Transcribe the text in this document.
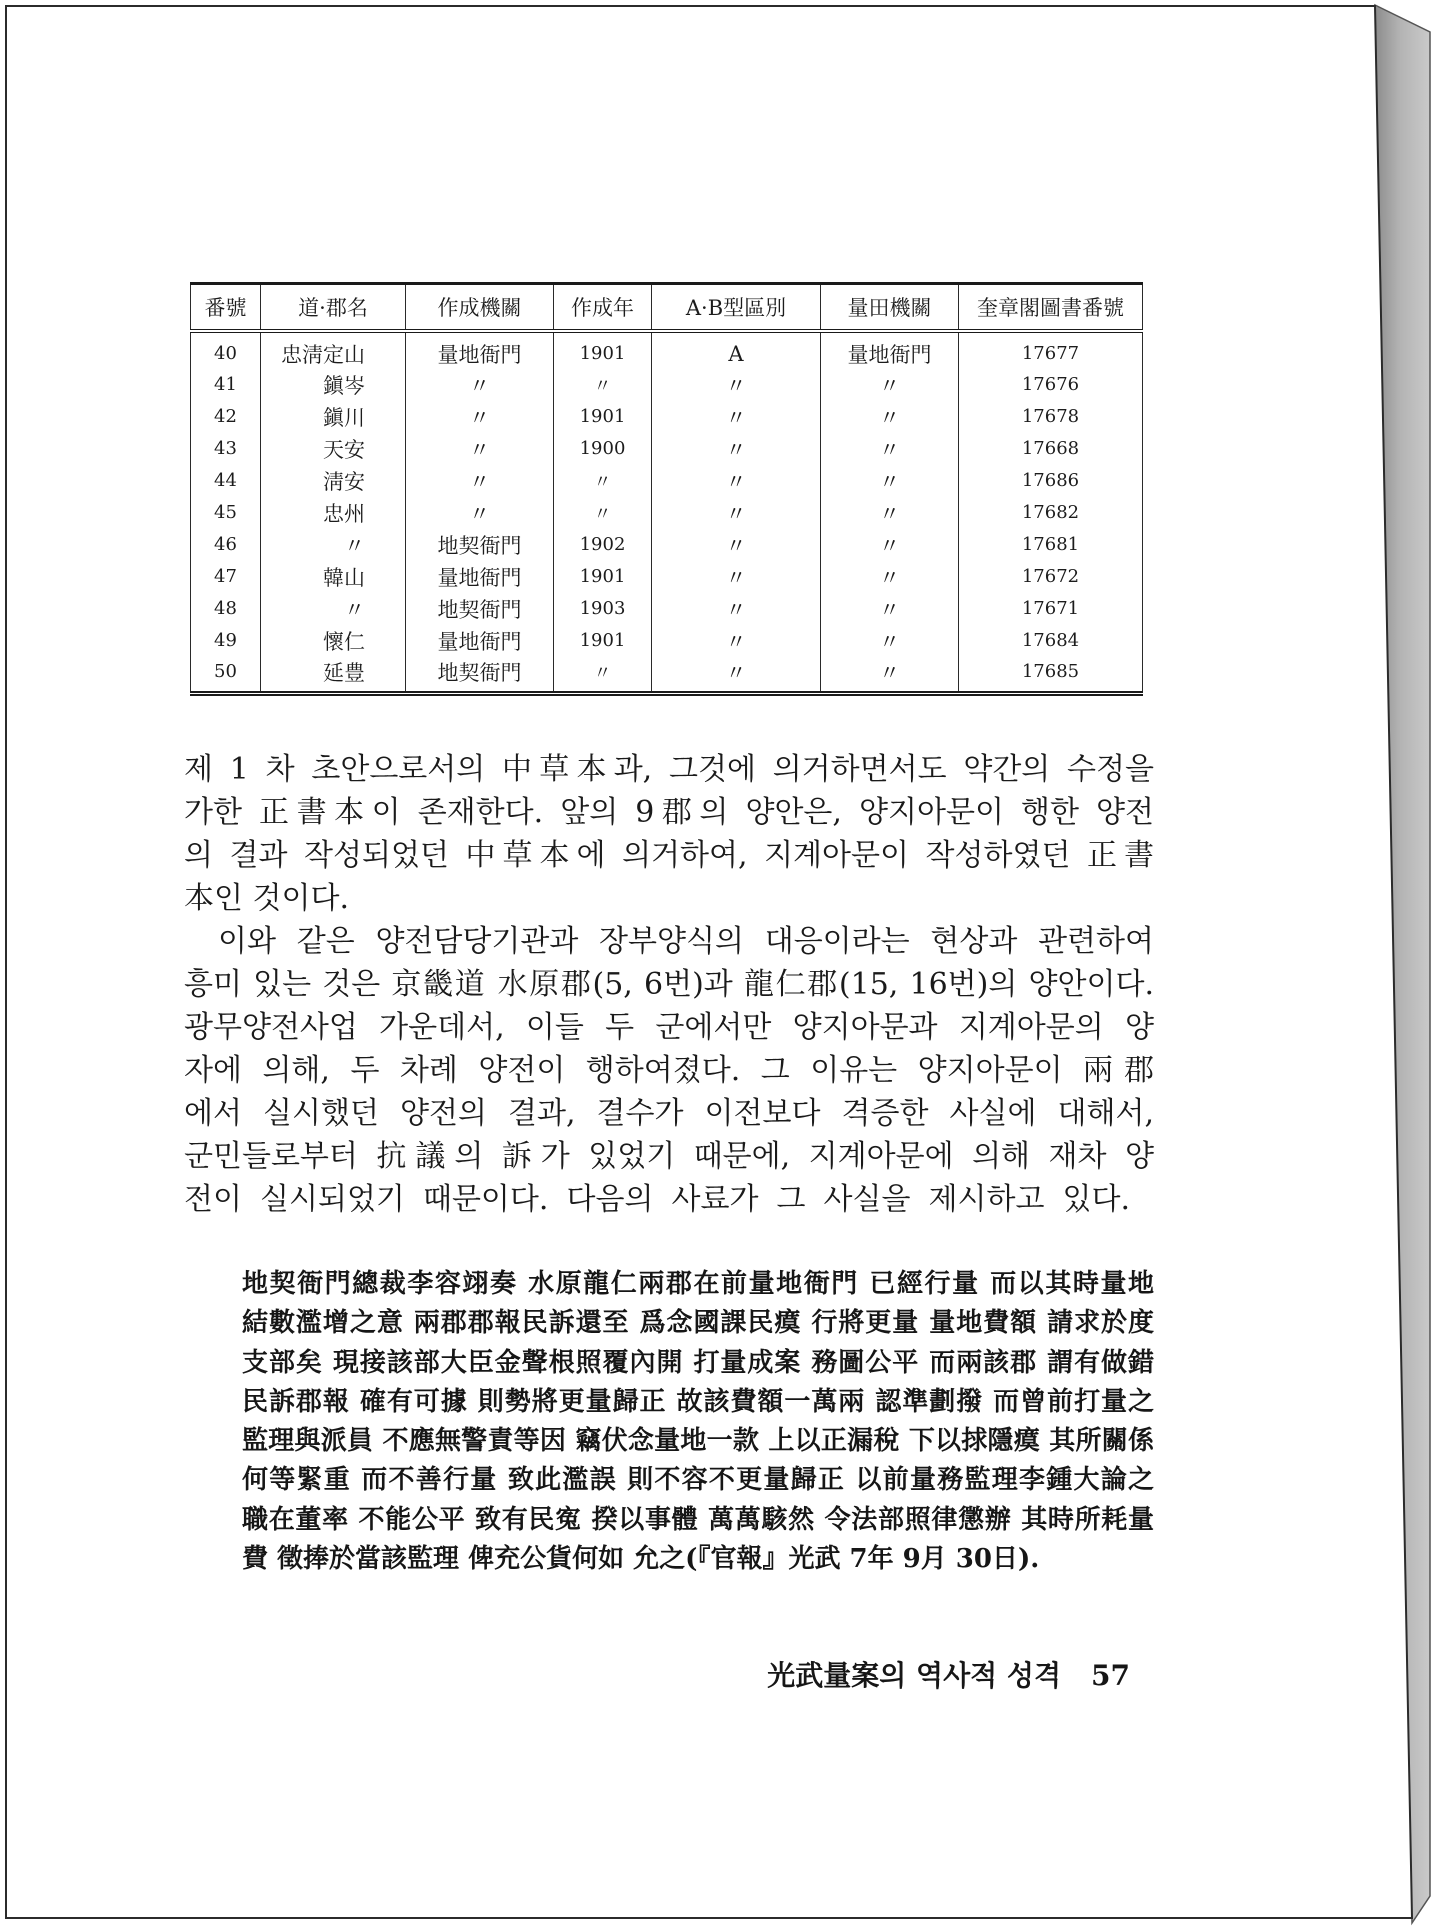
番號	道·郡名	作成機關	作成年	A·B型區別	量田機關	奎章閣圖書番號
40	忠淸定山	量地衙門	1901	A	量地衙門	17677
41	鎭岑	〃	〃	〃	〃	17676
42	鎭川	〃	1901	〃	〃	17678
43	天安	〃	1900	〃	〃	17668
44	淸安	〃	〃	〃	〃	17686
45	忠州	〃	〃	〃	〃	17682
46	〃	地契衙門	1902	〃	〃	17681
47	韓山	量地衙門	1901	〃	〃	17672
48	〃	地契衙門	1903	〃	〃	17671
49	懷仁	量地衙門	1901	〃	〃	17684
50	延豊	地契衙門	〃	〃	〃	17685
제 1 차 초안으로서의 中草本과, 그것에 의거하면서도 약간의 수정을
가한 正書本이 존재한다. 앞의 9郡의 양안은, 양지아문이 행한 양전
의 결과 작성되었던 中草本에 의거하여, 지계아문이 작성하였던 正書
本인 것이다.
이와 같은 양전담당기관과 장부양식의 대응이라는 현상과 관련하여
흥미 있는 것은 京畿道 水原郡(5, 6번)과 龍仁郡(15, 16번)의 양안이다.
광무양전사업 가운데서, 이들 두 군에서만 양지아문과 지계아문의 양
자에 의해, 두 차례 양전이 행하여졌다. 그 이유는 양지아문이 兩郡
에서 실시했던 양전의 결과, 결수가 이전보다 격증한 사실에 대해서,
군민들로부터 抗議의 訴가 있었기 때문에, 지계아문에 의해 재차 양
전이 실시되었기 때문이다. 다음의 사료가 그 사실을 제시하고 있다.
地契衙門總裁李容翊奏 水原龍仁兩郡在前量地衙門 已經行量 而以其時量地
結數濫增之意 兩郡郡報民訴還至 爲念國課民瘼 行將更量 量地費額 請求於度
支部矣 現接該部大臣金聲根照覆內開 打量成案 務圖公平 而兩該郡 謂有做錯
民訴郡報 確有可據 則勢將更量歸正 故該費額一萬兩 認準劃撥 而曾前打量之
監理與派員 不應無警責等因 竊伏念量地一款 上以正漏稅 下以捄隱瘼 其所關係
何等緊重 而不善行量 致此濫誤 則不容不更量歸正 以前量務監理李鍾大論之
職在董率 不能公平 致有民寃 揆以事體 萬萬駭然 令法部照律懲辦 其時所耗量
費 徵捧於當該監理 俾充公貨何如 允之(『官報』光武 7年 9月 30日).
光武量案의 역사적 성격 57
